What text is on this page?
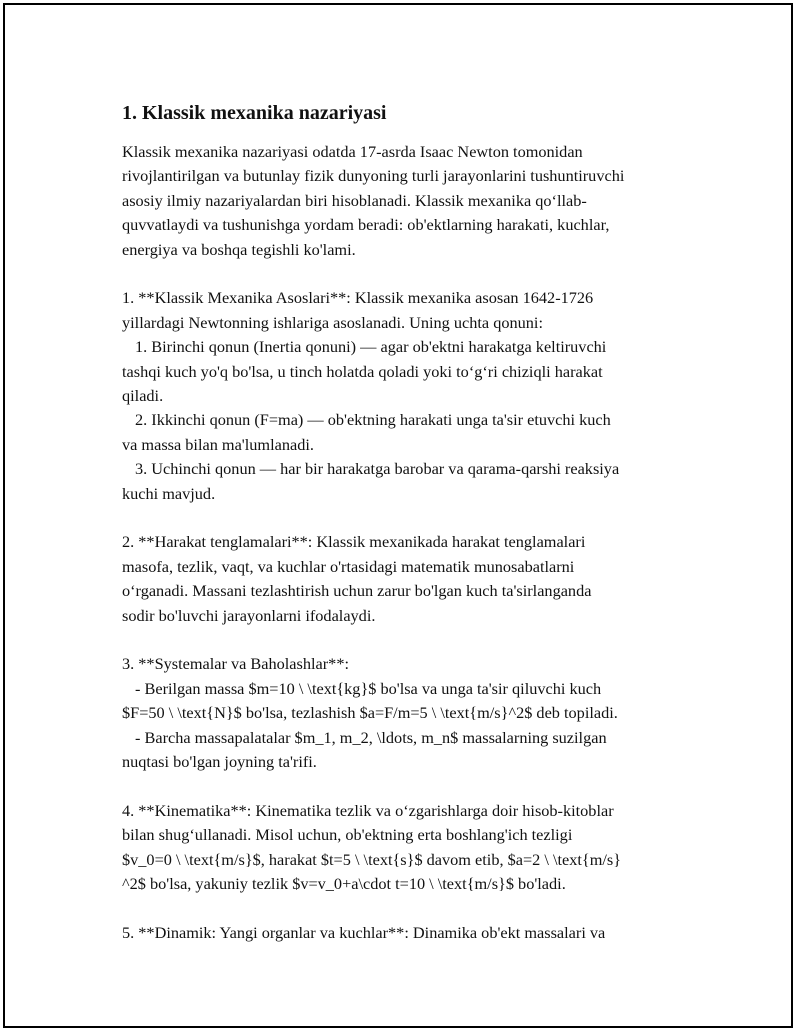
1. Klassik mexanika nazariyasi
Klassik mexanika nazariyasi odatda 17-asrda Isaac Newton tomonidan
rivojlantirilgan va butunlay fizik dunyoning turli jarayonlarini tushuntiruvchi
asosiy ilmiy nazariyalardan biri hisoblanadi. Klassik mexanika qo‘llab-
quvvatlaydi va tushunishga yordam beradi: ob'ektlarning harakati, kuchlar,
energiya va boshqa tegishli ko'lami.
1. **Klassik Mexanika Asoslari**: Klassik mexanika asosan 1642-1726
yillardagi Newtonning ishlariga asoslanadi. Uning uchta qonuni:
1. Birinchi qonun (Inertia qonuni) — agar ob'ektni harakatga keltiruvchi
tashqi kuch yo'q bo'lsa, u tinch holatda qoladi yoki to‘g‘ri chiziqli harakat
qiladi.
2. Ikkinchi qonun (F=ma) — ob'ektning harakati unga ta'sir etuvchi kuch
va massa bilan ma'lumlanadi.
3. Uchinchi qonun — har bir harakatga barobar va qarama-qarshi reaksiya
kuchi mavjud.
2. **Harakat tenglamalari**: Klassik mexanikada harakat tenglamalari
masofa, tezlik, vaqt, va kuchlar o'rtasidagi matematik munosabatlarni
o‘rganadi. Massani tezlashtirish uchun zarur bo'lgan kuch ta'sirlanganda
sodir bo'luvchi jarayonlarni ifodalaydi.
3. **Systemalar va Baholashlar**:
- Berilgan massa $m=10 \ \text{kg}$ bo'lsa va unga ta'sir qiluvchi kuch
$F=50 \ \text{N}$ bo'lsa, tezlashish $a=F/m=5 \ \text{m/s}^2$ deb topiladi.
- Barcha massapalatalar $m_1, m_2, \ldots, m_n$ massalarning suzilgan
nuqtasi bo'lgan joyning ta'rifi.
4. **Kinematika**: Kinematika tezlik va o‘zgarishlarga doir hisob-kitoblar
bilan shug‘ullanadi. Misol uchun, ob'ektning erta boshlang'ich tezligi
$v_0=0 \ \text{m/s}$, harakat $t=5 \ \text{s}$ davom etib, $a=2 \ \text{m/s}
^2$ bo'lsa, yakuniy tezlik $v=v_0+a\cdot t=10 \ \text{m/s}$ bo'ladi.
5. **Dinamik: Yangi organlar va kuchlar**: Dinamika ob'ekt massalari va
